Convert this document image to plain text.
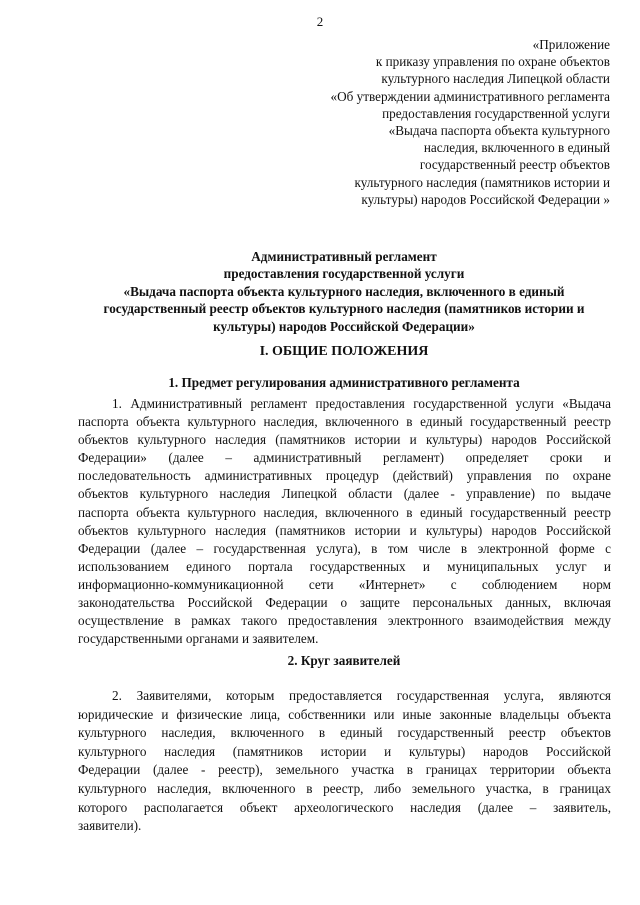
2
«Приложение
к приказу управления по охране объектов
культурного наследия Липецкой области
«Об утверждении административного регламента
предоставления государственной услуги
«Выдача паспорта объекта культурного
наследия, включенного в единый
государственный реестр объектов
культурного наследия (памятников истории и
культуры) народов Российской Федерации »
Административный регламент
предоставления государственной услуги
«Выдача паспорта объекта культурного наследия, включенного в единый
государственный реестр объектов культурного наследия (памятников истории и
культуры) народов Российской Федерации»
I. ОБЩИЕ ПОЛОЖЕНИЯ
1. Предмет регулирования административного регламента
1. Административный регламент предоставления государственной услуги «Выдача
паспорта объекта культурного наследия, включенного в единый государственный реестр
объектов культурного наследия (памятников истории и культуры) народов Российской
Федерации» (далее – административный регламент) определяет сроки и
последовательность административных процедур (действий) управления по охране
объектов культурного наследия Липецкой области (далее - управление) по выдаче
паспорта объекта культурного наследия, включенного в единый государственный реестр
объектов культурного наследия (памятников истории и культуры) народов Российской
Федерации (далее – государственная услуга), в том числе в электронной форме с
использованием единого портала государственных и муниципальных услуг и
информационно-коммуникационной сети «Интернет» с соблюдением норм
законодательства Российской Федерации о защите персональных данных, включая
осуществление в рамках такого предоставления электронного взаимодействия между
государственными органами и заявителем.
2. Круг заявителей
2. Заявителями, которым предоставляется государственная услуга, являются
юридические и физические лица, собственники или иные законные владельцы объекта
культурного наследия, включенного в единый государственный реестр объектов
культурного наследия (памятников истории и культуры) народов Российской
Федерации (далее - реестр), земельного участка в границах территории объекта
культурного наследия, включенного в реестр, либо земельного участка, в границах
которого располагается объект археологического наследия (далее – заявитель,
заявители).
